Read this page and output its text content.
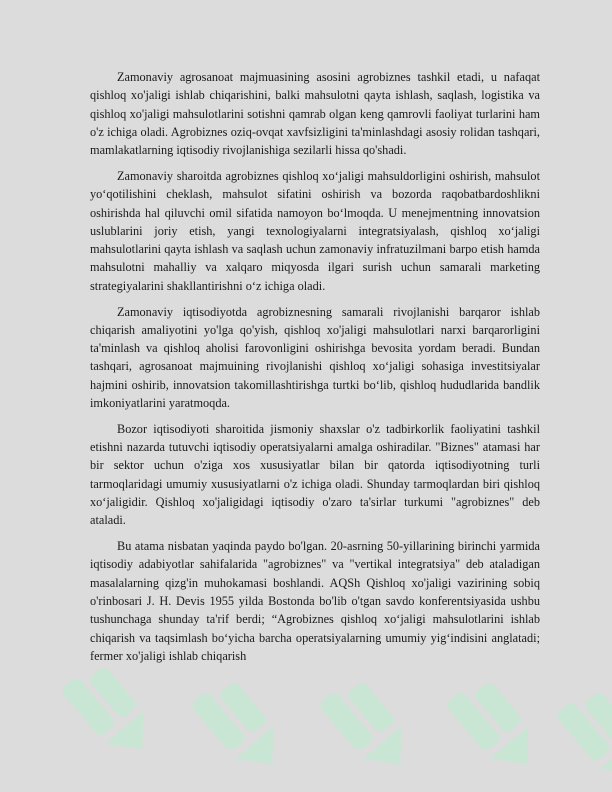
Zamonaviy agrosanoat majmuasining asosini agrobiznes tashkil etadi, u nafaqat qishloq xo'jaligi ishlab chiqarishini, balki mahsulotni qayta ishlash, saqlash, logistika va qishloq xo'jaligi mahsulotlarini sotishni qamrab olgan keng qamrovli faoliyat turlarini ham o'z ichiga oladi. Agrobiznes oziq-ovqat xavfsizligini ta'minlashdagi asosiy rolidan tashqari, mamlakatlarning iqtisodiy rivojlanishiga sezilarli hissa qo'shadi.

Zamonaviy sharoitda agrobiznes qishloq xo‘jaligi mahsuldorligini oshirish, mahsulot yo‘qotilishini cheklash, mahsulot sifatini oshirish va bozorda raqobatbardoshlikni oshirishda hal qiluvchi omil sifatida namoyon bo‘lmoqda. U menejmentning innovatsion uslublarini joriy etish, yangi texnologiyalarni integratsiyalash, qishloq xo‘jaligi mahsulotlarini qayta ishlash va saqlash uchun zamonaviy infratuzilmani barpo etish hamda mahsulotni mahalliy va xalqaro miqyosda ilgari surish uchun samarali marketing strategiyalarini shakllantirishni o‘z ichiga oladi.

Zamonaviy iqtisodiyotda agrobiznesning samarali rivojlanishi barqaror ishlab chiqarish amaliyotini yo'lga qo'yish, qishloq xo'jaligi mahsulotlari narxi barqarorligini ta'minlash va qishloq aholisi farovonligini oshirishga bevosita yordam beradi. Bundan tashqari, agrosanoat majmuining rivojlanishi qishloq xo‘jaligi sohasiga investitsiyalar hajmini oshirib, innovatsion takomillashtirishga turtki bo‘lib, qishloq hududlarida bandlik imkoniyatlarini yaratmoqda.

Bozor iqtisodiyoti sharoitida jismoniy shaxslar o'z tadbirkorlik faoliyatini tashkil etishni nazarda tutuvchi iqtisodiy operatsiyalarni amalga oshiradilar. "Biznes" atamasi har bir sektor uchun o'ziga xos xususiyatlar bilan bir qatorda iqtisodiyotning turli tarmoqlaridagi umumiy xususiyatlarni o'z ichiga oladi. Shunday tarmoqlardan biri qishloq xo‘jaligidir. Qishloq xo'jaligidagi iqtisodiy o'zaro ta'sirlar turkumi "agrobiznes" deb ataladi.

Bu atama nisbatan yaqinda paydo bo'lgan. 20-asrning 50-yillarining birinchi yarmida iqtisodiy adabiyotlar sahifalarida "agrobiznes" va "vertikal integratsiya" deb ataladigan masalalarning qizg'in muhokamasi boshlandi. AQSh Qishloq xo'jaligi vazirining sobiq o'rinbosari J. H. Devis 1955 yilda Bostonda bo'lib o'tgan savdo konferentsiyasida ushbu tushunchaga shunday ta'rif berdi; “Agrobiznes qishloq xo‘jaligi mahsulotlarini ishlab chiqarish va taqsimlash bo‘yicha barcha operatsiyalarning umumiy yig‘indisini anglatadi; fermer xo'jaligi ishlab chiqarish
